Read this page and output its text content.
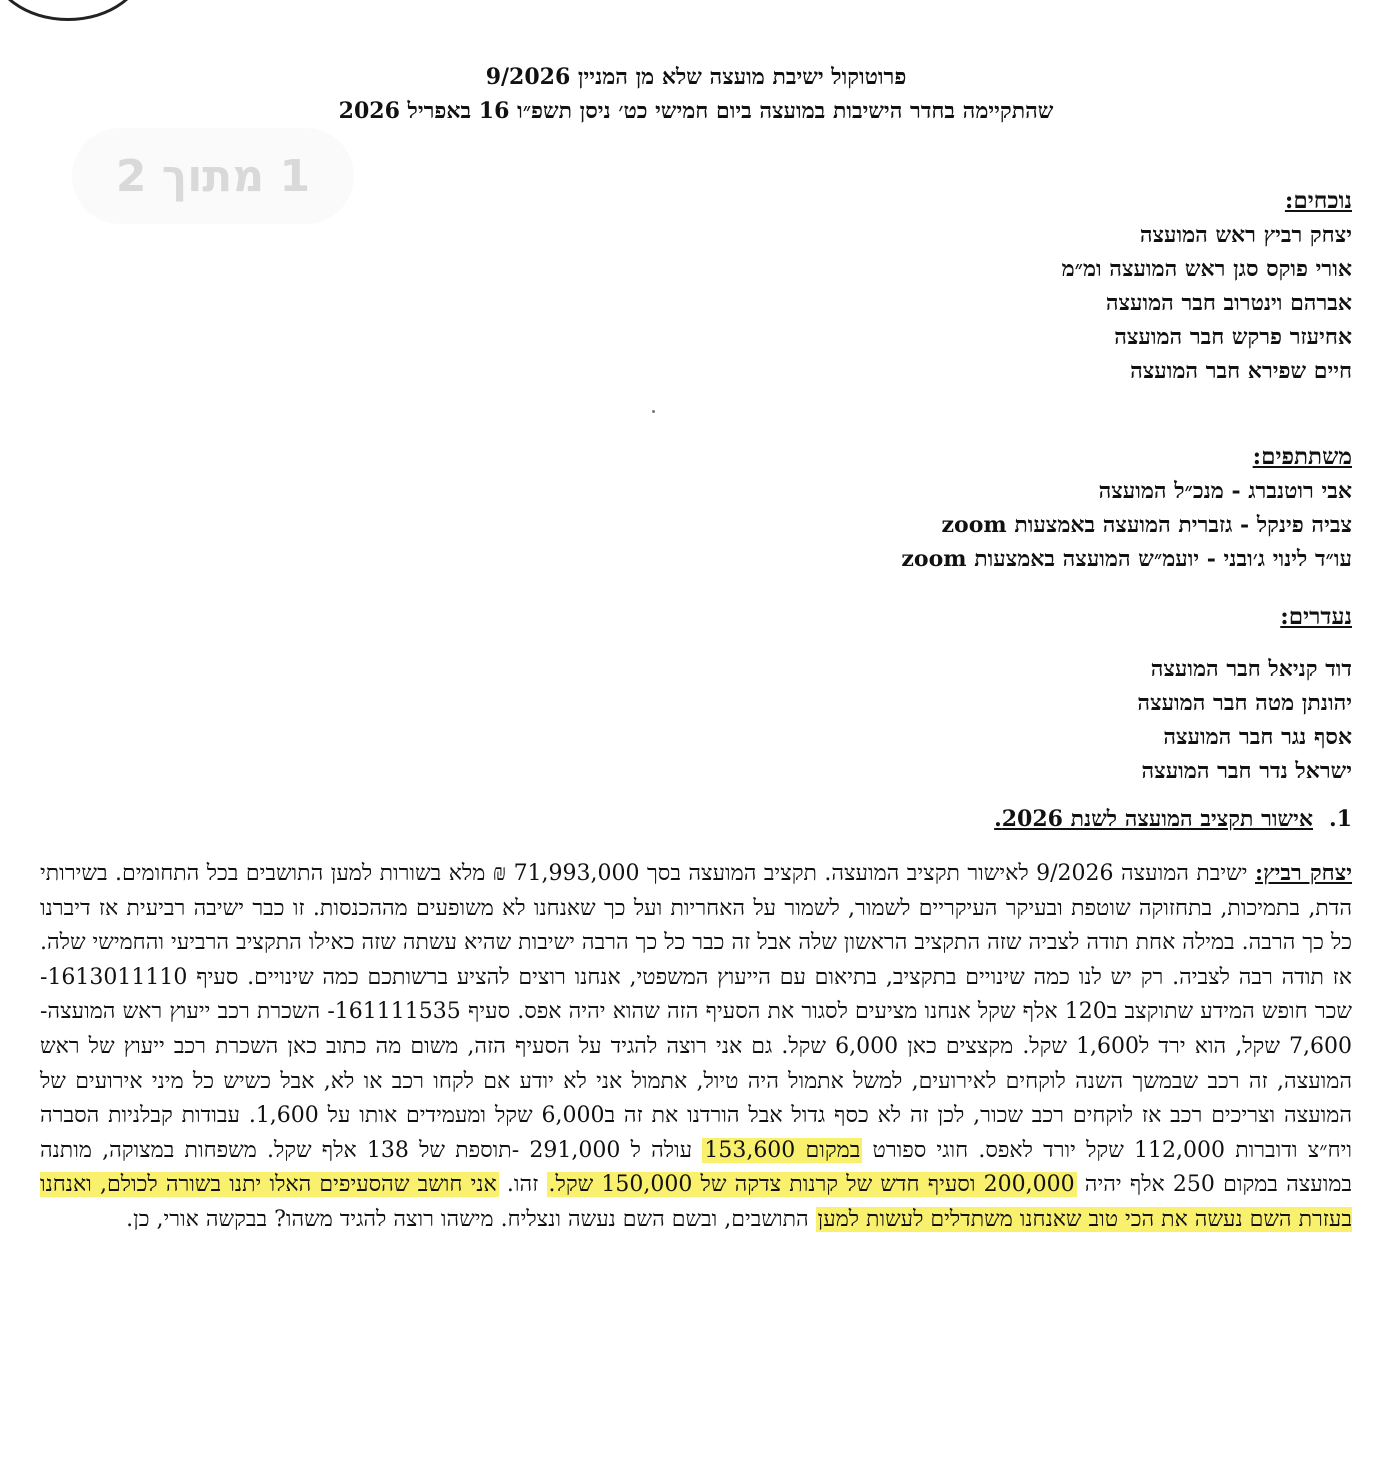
1 מתוך 2
פרוטוקול ישיבת מועצה שלא מן המניין 9/2026
שהתקיימה בחדר הישיבות במועצה ביום חמישי כט׳ ניסן תשפ״ו 16 באפריל 2026
נוכחים:
יצחק רביץ ראש המועצה
אורי פוקס סגן ראש המועצה ומ״מ
אברהם וינטרוב חבר המועצה
אחיעזר פרקש חבר המועצה
חיים שפירא חבר המועצה
משתתפים:
אבי רוטנברג - מנכ״ל המועצה
צביה פינקל - גזברית המועצה באמצעות zoom
עו״ד לינוי ג׳ובני - יועמ״ש המועצה באמצעות zoom
נעדרים:
דוד קניאל חבר המועצה
יהונתן מטה חבר המועצה
אסף נגר חבר המועצה
ישראל נדר חבר המועצה
1.אישור תקציב המועצה לשנת 2026.
יצחק רביץ: ישיבת המועצה 9/2026 לאישור תקציב המועצה. תקציב המועצה בסך 71,993,000 ₪ מלא בשורות למען התושבים בכל התחומים. בשירותי הדת, בתמיכות, בתחזוקה שוטפת ובעיקר העיקריים לשמור, לשמור על האחריות ועל כך שאנחנו לא משופעים מההכנסות. זו כבר ישיבה רביעית אז דיברנו כל כך הרבה. במילה אחת תודה לצביה שזה התקציב הראשון שלה אבל זה כבר כל כך הרבה ישיבות שהיא עשתה שזה כאילו התקציב הרביעי והחמישי שלה. אז תודה רבה לצביה. רק יש לנו כמה שינויים בתקציב, בתיאום עם הייעוץ המשפטי, אנחנו רוצים להציע ברשותכם כמה שינויים. סעיף 1613011110- שכר חופש המידע שתוקצב ב120 אלף שקל אנחנו מציעים לסגור את הסעיף הזה שהוא יהיה אפס. סעיף 161111535- השכרת רכב ייעוץ ראש המועצה- 7,600 שקל, הוא ירד ל1,600 שקל. מקצצים כאן 6,000 שקל. גם אני רוצה להגיד על הסעיף הזה, משום מה כתוב כאן השכרת רכב ייעוץ של ראש המועצה, זה רכב שבמשך השנה לוקחים לאירועים, למשל אתמול היה טיול, אתמול אני לא יודע אם לקחו רכב או לא, אבל כשיש כל מיני אירועים של המועצה וצריכים רכב אז לוקחים רכב שכור, לכן זה לא כסף גדול אבל הורדנו את זה ב6,000 שקל ומעמידים אותו על 1,600. עבודות קבלניות הסברה ויח״צ ודוברות 112,000 שקל יורד לאפס. חוגי ספורט במקום 153,600 עולה ל 291,000 -תוספת של 138 אלף שקל. משפחות במצוקה, מותנה במועצה במקום 250 אלף יהיה 200,000 וסעיף חדש של קרנות צדקה של 150,000 שקל. זהו. אני חושב שהסעיפים האלו יתנו בשורה לכולם, ואנחנו בעזרת השם נעשה את הכי טוב שאנחנו משתדלים לעשות למען התושבים, ובשם השם נעשה ונצליח. מישהו רוצה להגיד משהו? בבקשה אורי, כן.
